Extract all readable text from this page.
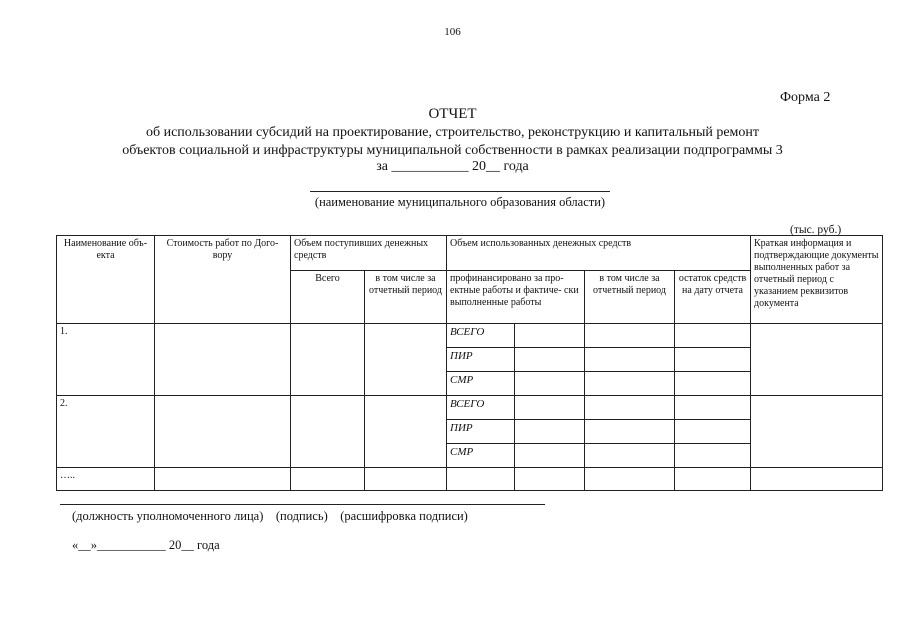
106
Форма 2
ОТЧЕТ
об использовании субсидий на проектирование, строительство, реконструкцию и капитальный ремонт
объектов социальной и инфраструктуры муниципальной собственности в рамках реализации подпрограммы 3
за ___________ 20__ года
(наименование муниципального образования области)
(тыс. руб.)
Наименование объ- екта	Стоимость работ по Дого- вору	Объем поступивших денежных средств		Объем использованных денежных средств				Краткая информация и подтверждающие документы выполненных работ за отчетный период с указанием реквизитов документа
		Всего	в том числе за отчетный период	профинансировано за про- ектные работы и фактиче- ски выполненные работы		в том числе за отчетный период	остаток средств на дату отчета	
1.				ВСЕГО				
				ПИР				
				СМР				
2.				ВСЕГО				
				ПИР				
				СМР				
…..								
(должность уполномоченного лица)    (подпись)    (расшифровка подписи)
«__»___________ 20__ года
